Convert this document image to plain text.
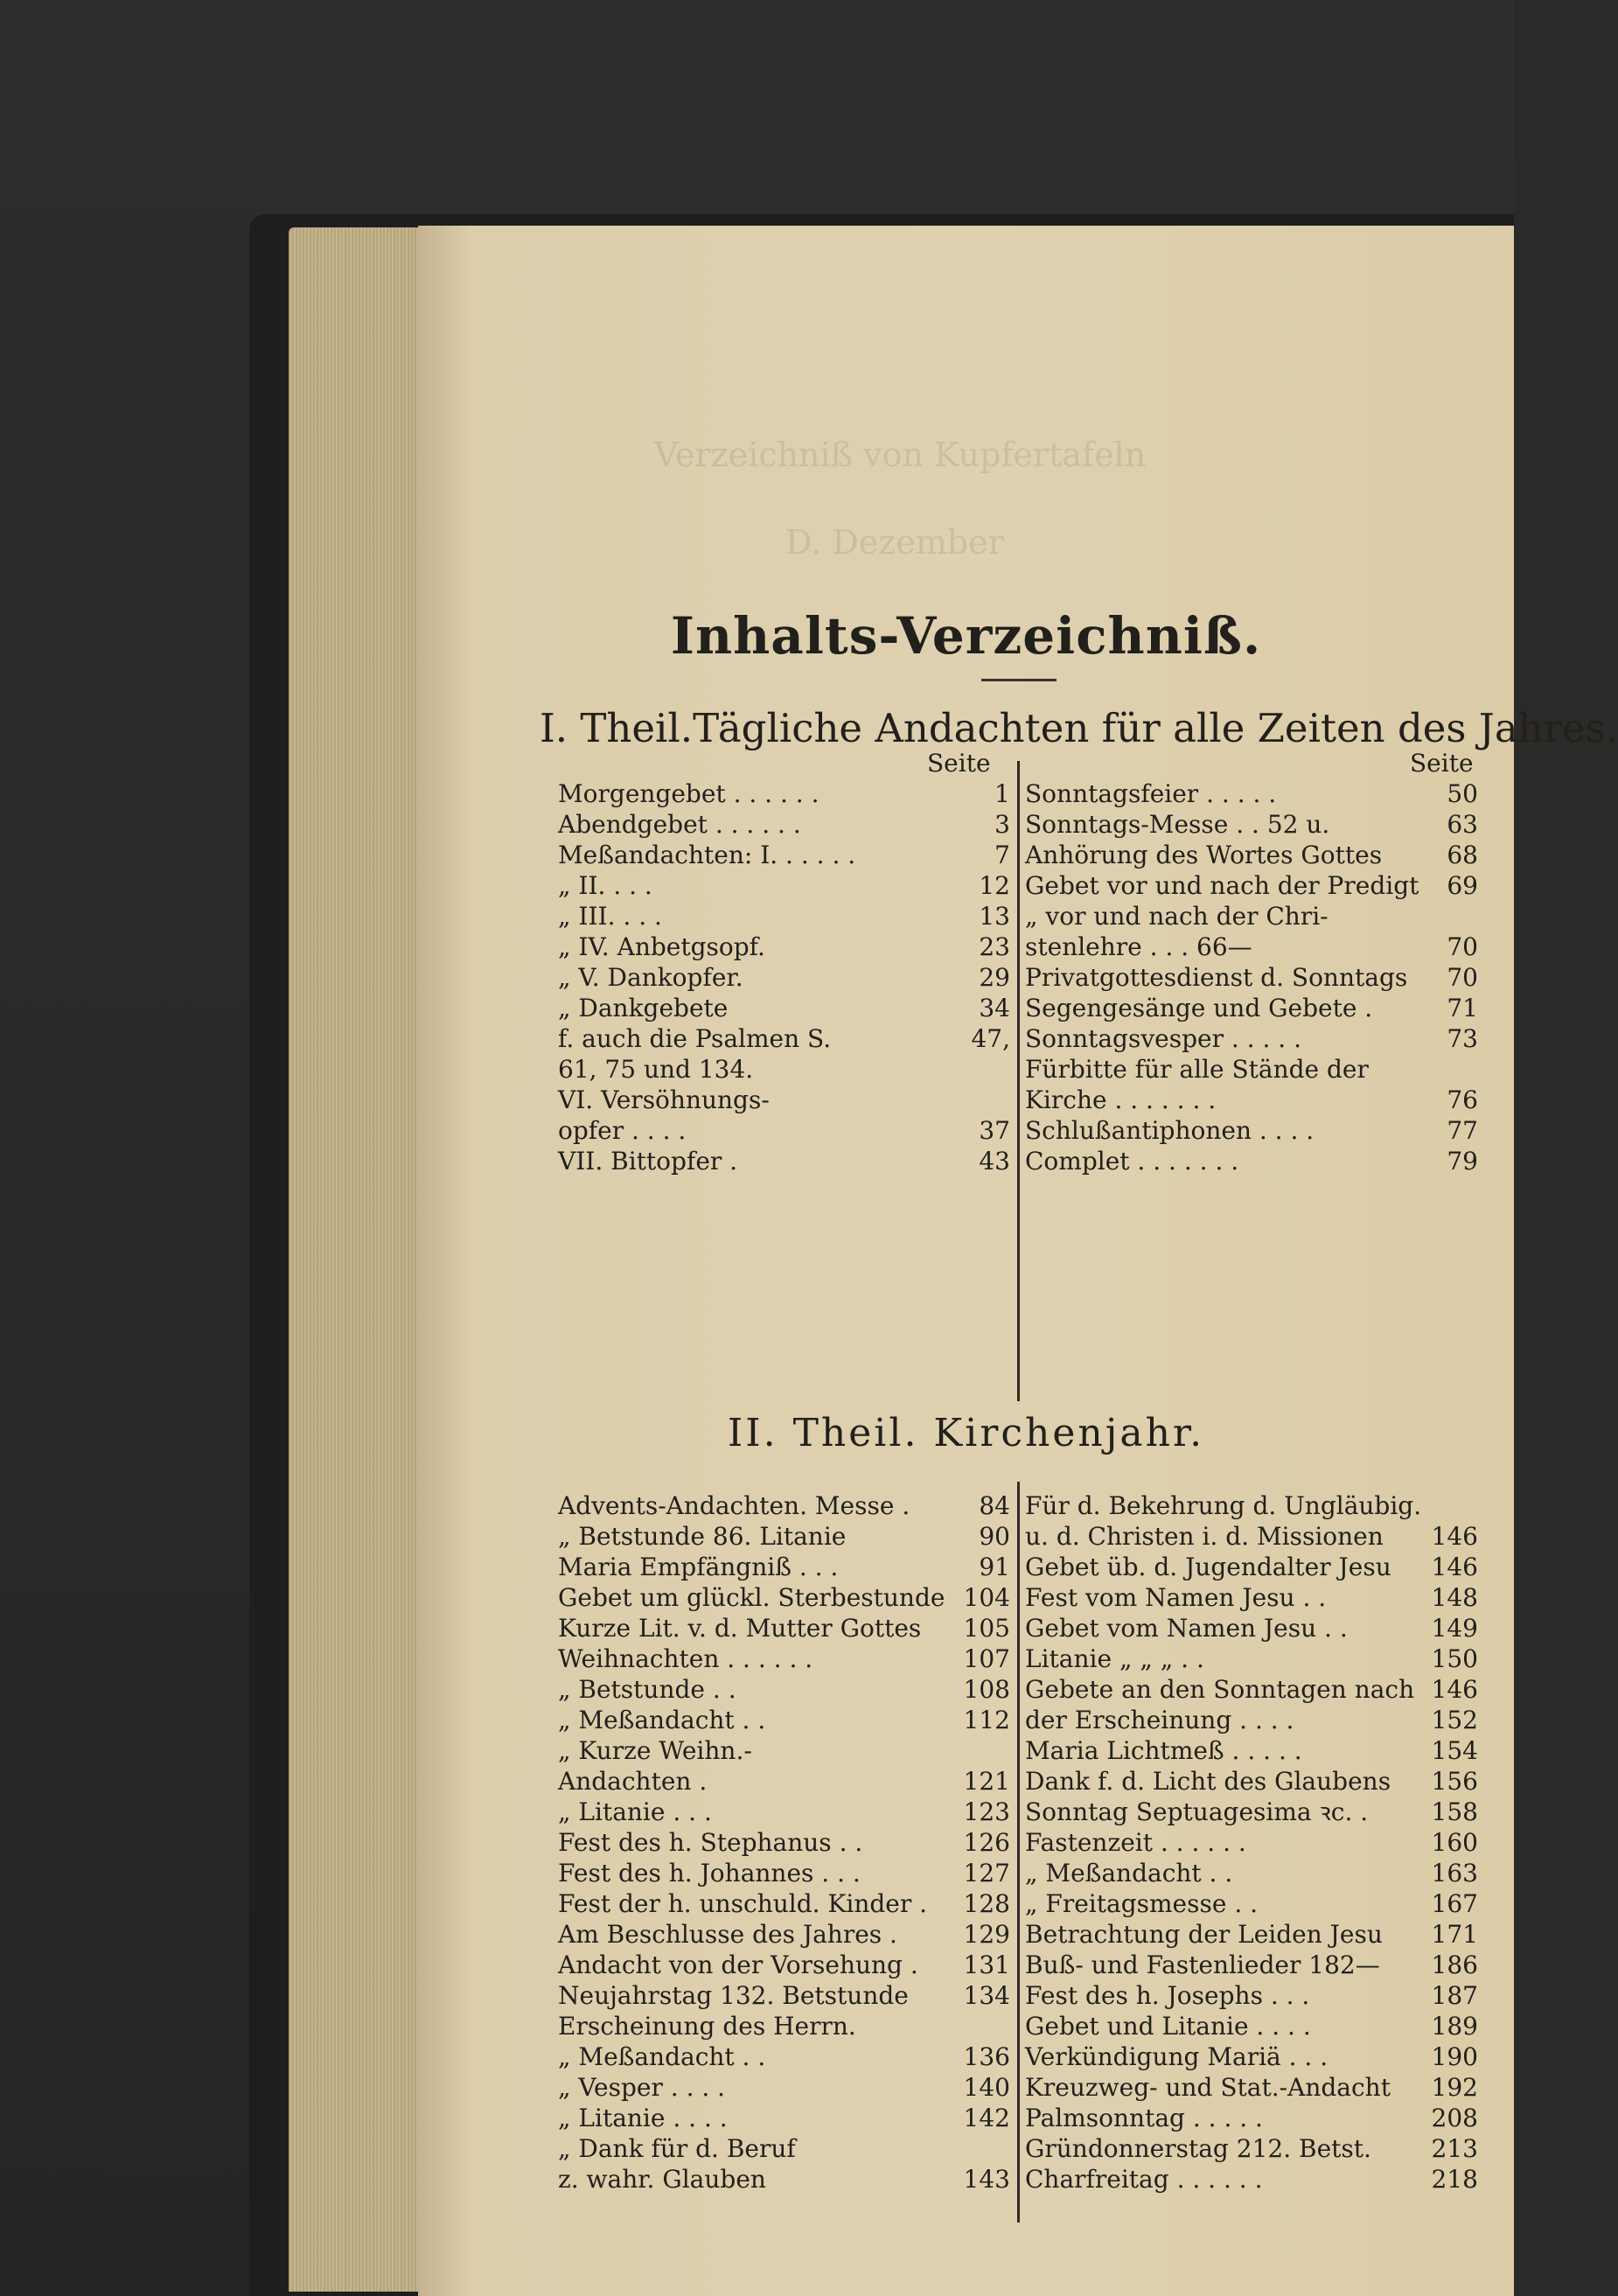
Verzeichniß von Kupfertafeln
D. Dezember
Inhalts-Verzeichniß.
I. Theil. Tägliche Andachten für alle Zeiten des Jahres.
Seite	Seite
Morgengebet . . . . . .	1
Abendgebet . . . . . .	3
Meßandachten: I. . . . . .	7
„ II. . . .	12
„ III. . . .	13
„ IV. Anbetgsopf.	23
„ V. Dankopfer.	29
„ Dankgebete	34
f. auch die Psalmen S.	47,
61, 75 und 134.
VI. Versöhnungs-
opfer . . . .	37
VII. Bittopfer .	43
Sonntagsfeier . . . . .	50
Sonntags-Messe . . 52 u.	63
Anhörung des Wortes Gottes	68
Gebet vor und nach der Predigt 69
„ vor und nach der Chri-
stenlehre . . . 66—	70
Privatgottesdienst d. Sonntags 70
Segengesänge und Gebete .	71
Sonntagsvesper . . . . .	73
Fürbitte für alle Stände der
Kirche . . . . . . .	76
Schlußantiphonen . . . .	77
Complet . . . . . . .	79
II. Theil. Kirchenjahr.
Advents-Andachten. Messe .	84
„ Betstunde 86. Litanie	90
Maria Empfängniß . . .	91
Gebet um glückl. Sterbestunde 104
Kurze Lit. v. d. Mutter Gottes 105
Weihnachten . . . . . .	107
„ Betstunde . .	108
„ Meßandacht . .	112
„ Kurze Weihn.-
Andachten .	121
„ Litanie . . .	123
Fest des h. Stephanus . .	126
Fest des h. Johannes . . .	127
Fest der h. unschuld. Kinder . 128
Am Beschlusse des Jahres .	129
Andacht von der Vorsehung . 131
Neujahrstag 132. Betstunde 134
Erscheinung des Herrn.
„ Meßandacht . .	136
„ Vesper . . . .	140
„ Litanie . . . .	142
„ Dank für d. Beruf
z. wahr. Glauben	143
Für d. Bekehrung d. Ungläubig.
u. d. Christen i. d. Missionen 146
Gebet üb. d. Jugendalter Jesu 146
Fest vom Namen Jesu . .	148
Gebet vom Namen Jesu . .	149
Litanie „ „ „ . .	150
Gebete an den Sonntagen nach 146
der Erscheinung . . . .	152
Maria Lichtmeß . . . . .	154
Dank f. d. Licht des Glaubens 156
Sonntag Septuagesima ꝛc. .	158
Fastenzeit . . . . . .	160
„ Meßandacht . .	163
„ Freitagsmesse . .	167
Betrachtung der Leiden Jesu 171
Buß- und Fastenlieder 182— 186
Fest des h. Josephs . . .	187
Gebet und Litanie . . . .	189
Verkündigung Mariä . . .	190
Kreuzweg- und Stat.-Andacht 192
Palmsonntag . . . . .	208
Gründonnerstag 212. Betst. 213
Charfreitag . . . . . .	218
